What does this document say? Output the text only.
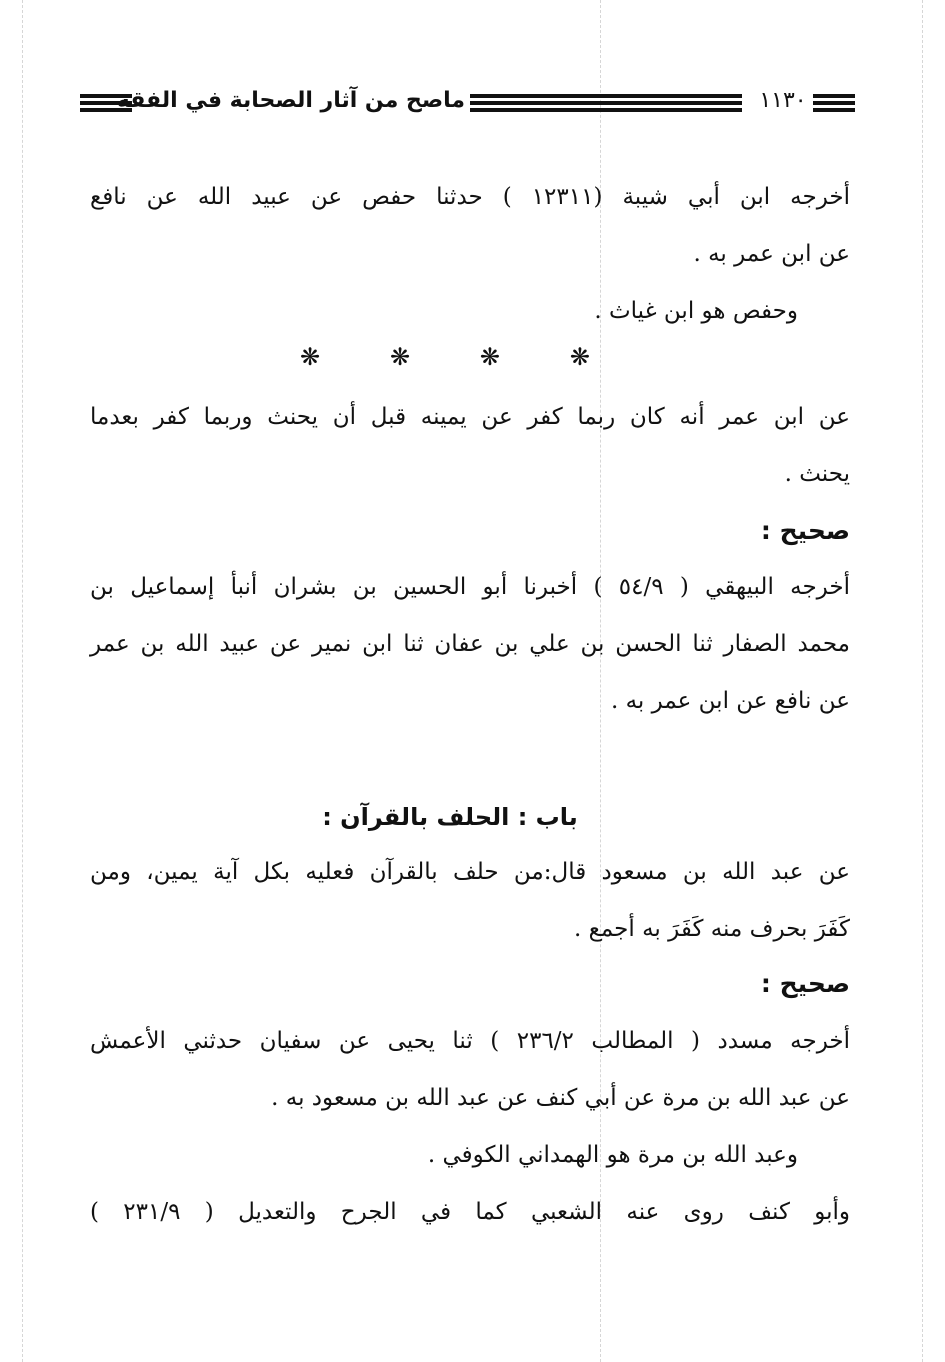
ماصح من آثار الصحابة في الفقه	١١٣٠
أخرجه ابن أبي شيبة (١٢٣١١ ) حدثنا حفص عن عبيد الله عن نافع
عن ابن عمر به .
وحفص هو ابن غياث .
❋	❋	❋	❋
عن ابن عمر أنه كان ربما كفر عن يمينه قبل أن يحنث وربما كفر بعدما
يحنث .
صحيح :
أخرجه البيهقي ( ٥٤/٩ ) أخبرنا أبو الحسين بن بشران أنبأ إسماعيل بن
محمد الصفار ثنا الحسن بن علي بن عفان ثنا ابن نمير عن عبيد الله بن عمر
عن نافع عن ابن عمر به .
باب : الحلف بالقرآن :
عن عبد الله بن مسعود قال:من حلف بالقرآن فعليه بكل آية يمين، ومن
كَفَرَ بحرف منه كَفَرَ به أجمع .
صحيح :
أخرجه مسدد ( المطالب ٢٣٦/٢ ) ثنا يحيى عن سفيان حدثني الأعمش
عن عبد الله بن مرة عن أبي كنف عن عبد الله بن مسعود به .
وعبد الله بن مرة هو الهمداني الكوفي .
وأبو كنف روى عنه الشعبي كما في الجرح والتعديل ( ٢٣١/٩ )
